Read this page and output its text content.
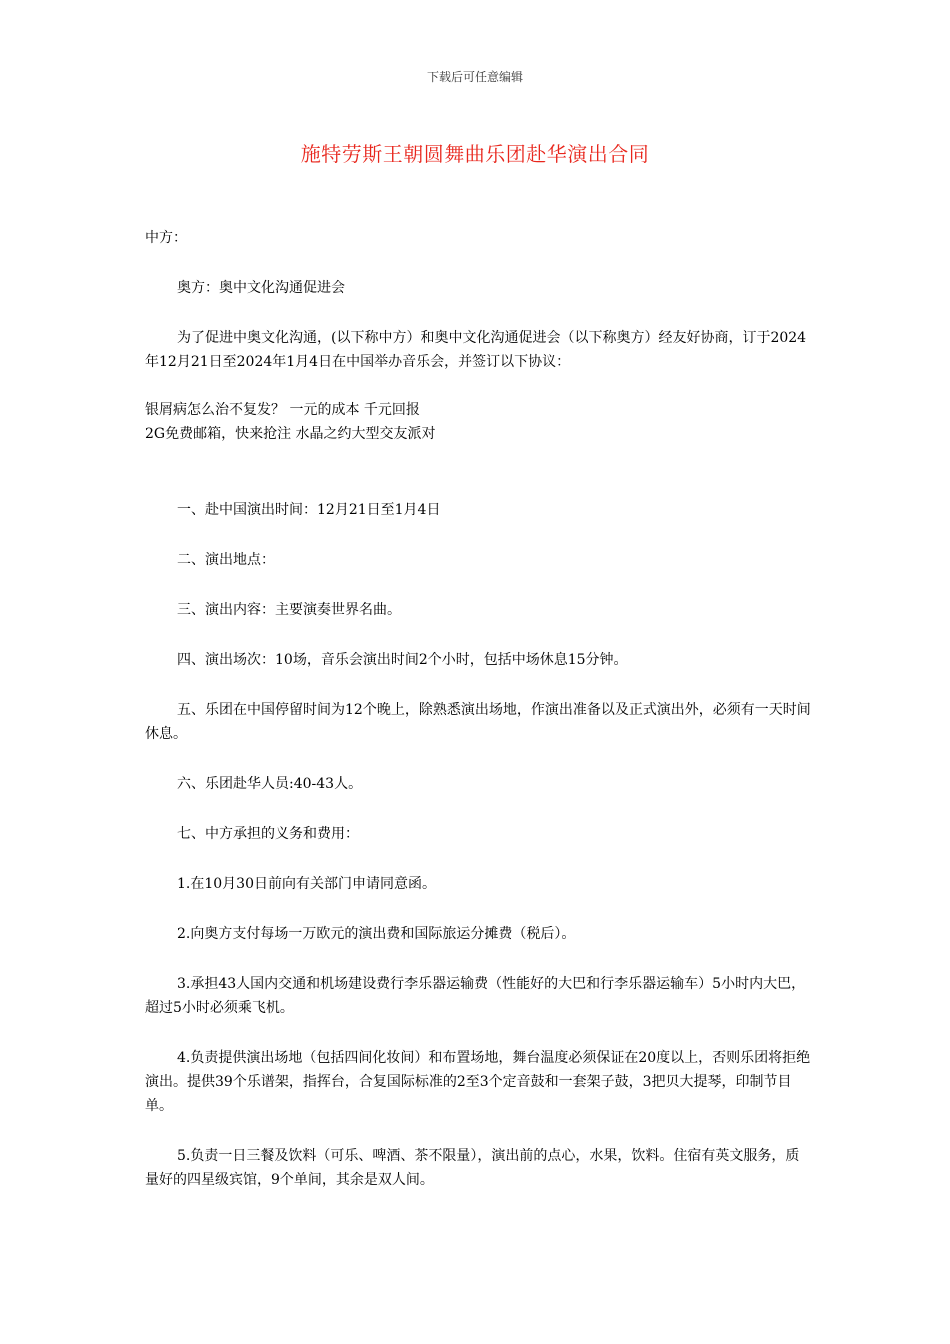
下载后可任意编辑
施特劳斯王朝圆舞曲乐团赴华演出合同

中方：

奥方：奥中文化沟通促进会

为了促进中奥文化沟通，(以下称中方）和奥中文化沟通促进会（以下称奥方）经友好协商，订于2024年12月21日至2024年1月4日在中国举办音乐会，并签订以下协议：

银屑病怎么治不复发？ 一元的成本 千元回报

2G免费邮箱，快来抢注 水晶之约大型交友派对

一、赴中国演出时间：12月21日至1月4日

二、演出地点：

三、演出内容：主要演奏世界名曲。

四、演出场次：10场，音乐会演出时间2个小时，包括中场休息15分钟。

五、乐团在中国停留时间为12个晚上，除熟悉演出场地，作演出准备以及正式演出外，必须有一天时间休息。

六、乐团赴华人员:40-43人。

七、中方承担的义务和费用：

1.在10月30日前向有关部门申请同意函。

2.向奥方支付每场一万欧元的演出费和国际旅运分摊费（税后）。

3.承担43人国内交通和机场建设费行李乐器运输费（性能好的大巴和行李乐器运输车）5小时内大巴，超过5小时必须乘飞机。

4.负责提供演出场地（包括四间化妆间）和布置场地，舞台温度必须保证在20度以上，否则乐团将拒绝演出。提供39个乐谱架，指挥台，合复国际标准的2至3个定音鼓和一套架子鼓，3把贝大提琴，印制节目单。

5.负责一日三餐及饮料（可乐、啤酒、茶不限量），演出前的点心，水果，饮料。住宿有英文服务，质量好的四星级宾馆，9个单间，其余是双人间。
